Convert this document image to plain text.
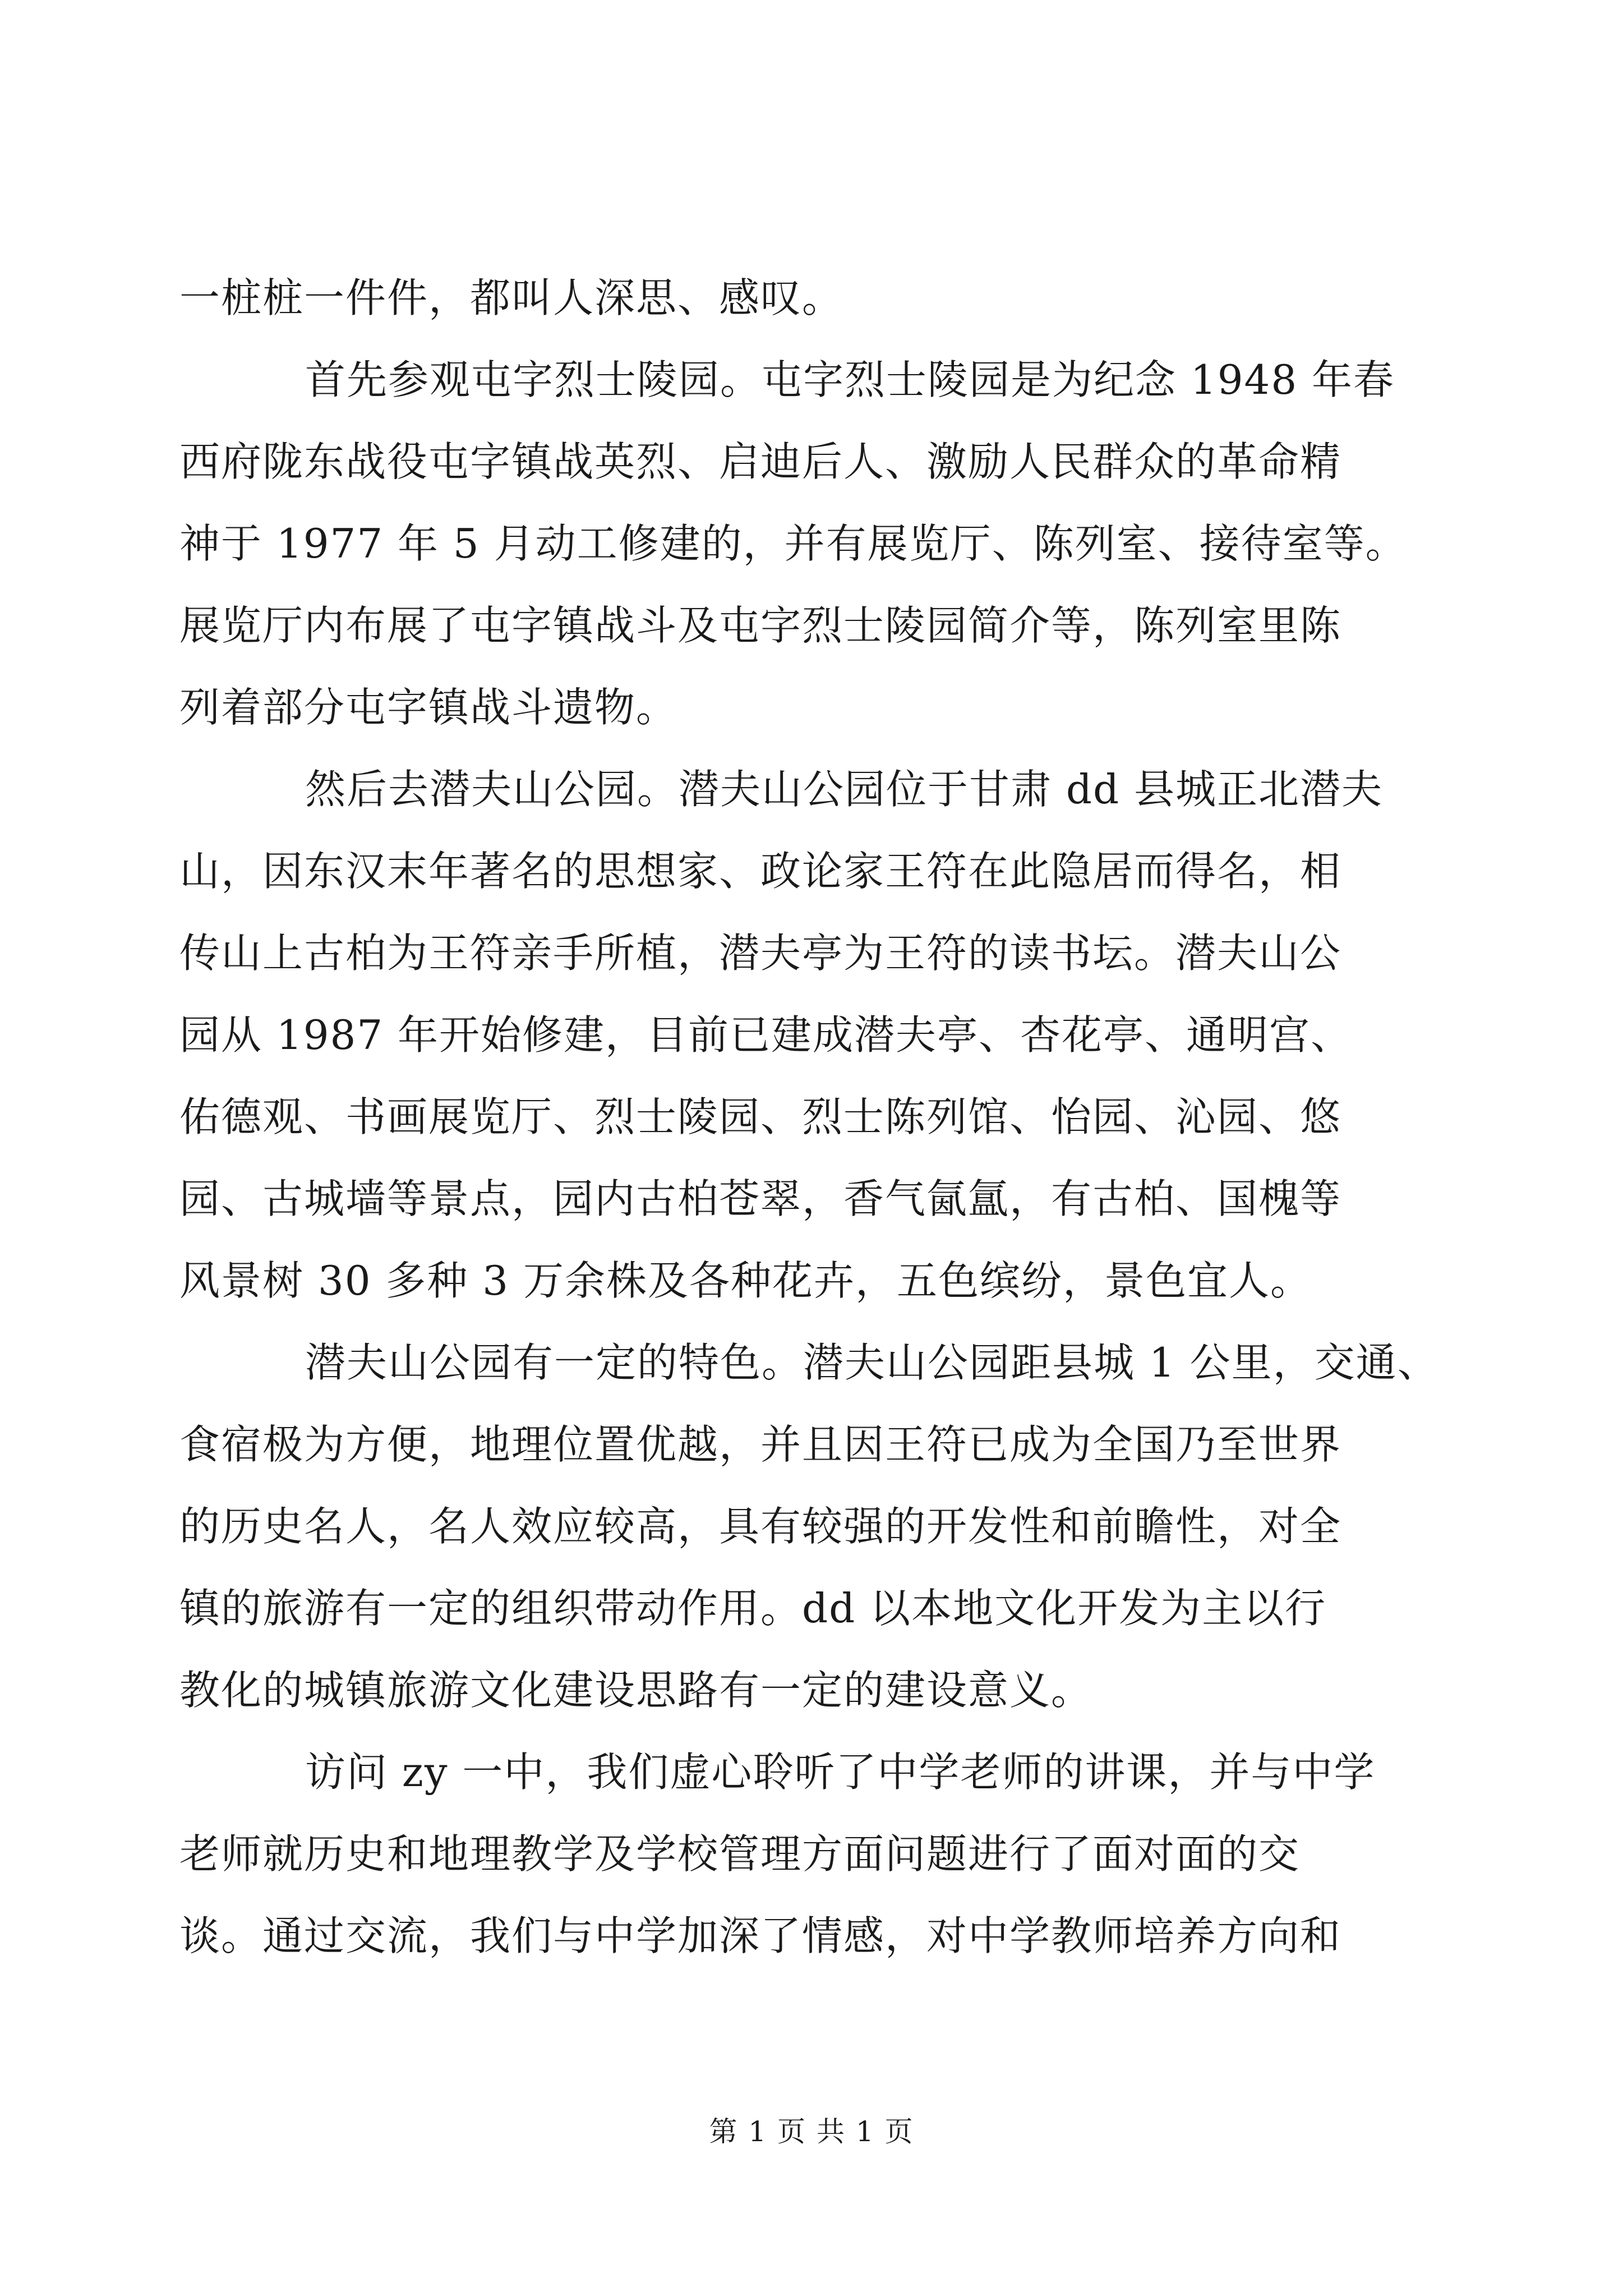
一桩桩一件件，都叫人深思、感叹。
首先参观屯字烈士陵园。屯字烈士陵园是为纪念 1948 年春
西府陇东战役屯字镇战英烈、启迪后人、激励人民群众的革命精
神于 1977 年 5 月动工修建的，并有展览厅、陈列室、接待室等。
展览厅内布展了屯字镇战斗及屯字烈士陵园简介等，陈列室里陈
列着部分屯字镇战斗遗物。
然后去潜夫山公园。潜夫山公园位于甘肃 dd 县城正北潜夫
山，因东汉末年著名的思想家、政论家王符在此隐居而得名，相
传山上古柏为王符亲手所植，潜夫亭为王符的读书坛。潜夫山公
园从 1987 年开始修建，目前已建成潜夫亭、杏花亭、通明宫、
佑德观、书画展览厅、烈士陵园、烈士陈列馆、怡园、沁园、悠
园、古城墙等景点，园内古柏苍翠，香气氤氲，有古柏、国槐等
风景树 30 多种 3 万余株及各种花卉，五色缤纷，景色宜人。
潜夫山公园有一定的特色。潜夫山公园距县城 1 公里，交通、
食宿极为方便，地理位置优越，并且因王符已成为全国乃至世界
的历史名人，名人效应较高，具有较强的开发性和前瞻性，对全
镇的旅游有一定的组织带动作用。dd 以本地文化开发为主以行
教化的城镇旅游文化建设思路有一定的建设意义。
访问 zy 一中，我们虚心聆听了中学老师的讲课，并与中学
老师就历史和地理教学及学校管理方面问题进行了面对面的交
谈。通过交流，我们与中学加深了情感，对中学教师培养方向和
第 1 页 共 1 页
